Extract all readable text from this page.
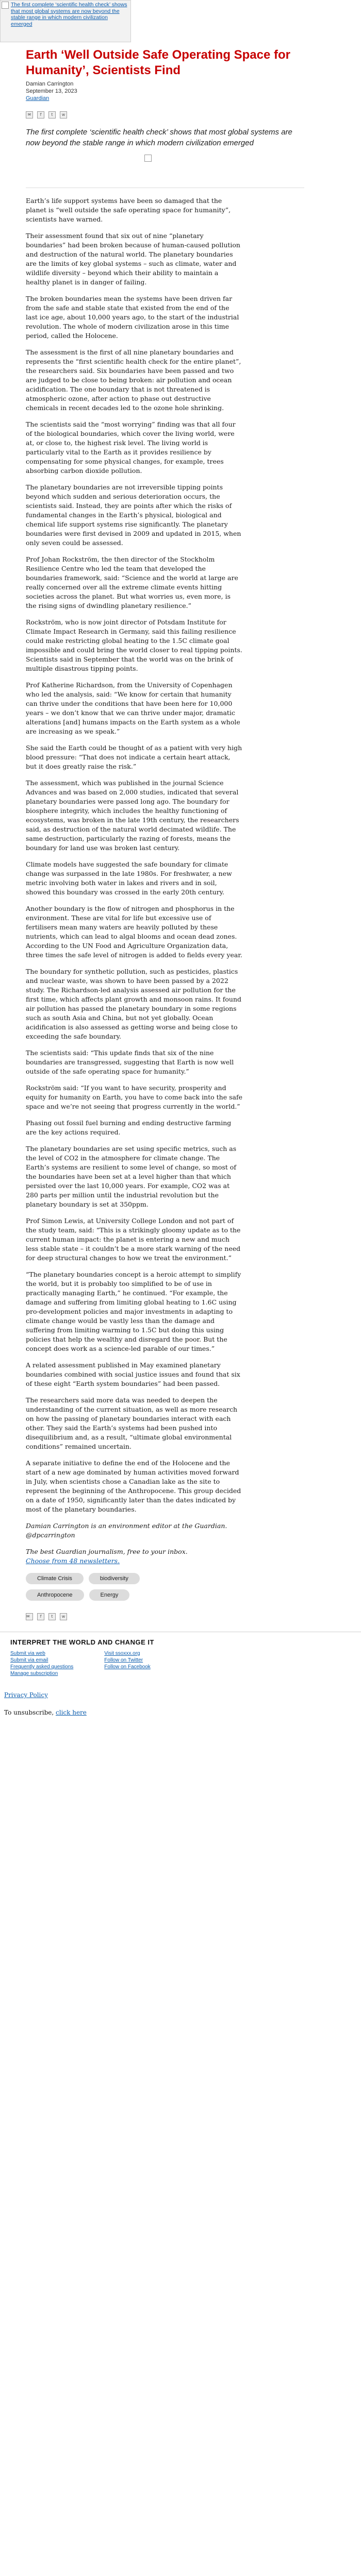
The first complete ‘scientific health check’ shows that most global systems are now beyond the stable range in which modern civilization emerged
Earth ‘Well Outside Safe Operating Space for Humanity’, Scientists Find
Damian Carrington
September 13, 2023
Guardian
✉	f	t	w

The first complete ‘scientific health check’ shows that most global systems are now beyond the stable range in which modern civilization emerged

Earth’s life support systems have been so damaged that the planet is “well outside the safe operating space for humanity”, scientists have warned.

Their assessment found that six out of nine “planetary boundaries” had been broken because of human-caused pollution and destruction of the natural world. The planetary boundaries are the limits of key global systems – such as climate, water and wildlife diversity – beyond which their ability to maintain a healthy planet is in danger of failing.

The broken boundaries mean the systems have been driven far from the safe and stable state that existed from the end of the last ice age, about 10,000 years ago, to the start of the industrial revolution. The whole of modern civilization arose in this time period, called the Holocene.

The assessment is the first of all nine planetary boundaries and represents the “first scientific health check for the entire planet”, the researchers said. Six boundaries have been passed and two are judged to be close to being broken: air pollution and ocean acidification. The one boundary that is not threatened is atmospheric ozone, after action to phase out destructive chemicals in recent decades led to the ozone hole shrinking.

The scientists said the “most worrying” finding was that all four of the biological boundaries, which cover the living world, were at, or close to, the highest risk level. The living world is particularly vital to the Earth as it provides resilience by compensating for some physical changes, for example, trees absorbing carbon dioxide pollution.

The planetary boundaries are not irreversible tipping points beyond which sudden and serious deterioration occurs, the scientists said. Instead, they are points after which the risks of fundamental changes in the Earth’s physical, biological and chemical life support systems rise significantly. The planetary boundaries were first devised in 2009 and updated in 2015, when only seven could be assessed.

Prof Johan Rockström, the then director of the Stockholm Resilience Centre who led the team that developed the boundaries framework, said: “Science and the world at large are really concerned over all the extreme climate events hitting societies across the planet. But what worries us, even more, is the rising signs of dwindling planetary resilience.”

Rockström, who is now joint director of Potsdam Institute for Climate Impact Research in Germany, said this failing resilience could make restricting global heating to the 1.5C climate goal impossible and could bring the world closer to real tipping points. Scientists said in September that the world was on the brink of multiple disastrous tipping points.

Prof Katherine Richardson, from the University of Copenhagen who led the analysis, said: “We know for certain that humanity can thrive under the conditions that have been here for 10,000 years – we don’t know that we can thrive under major, dramatic alterations [and] humans impacts on the Earth system as a whole are increasing as we speak.”

She said the Earth could be thought of as a patient with very high blood pressure: “That does not indicate a certain heart attack, but it does greatly raise the risk.”

The assessment, which was published in the journal Science Advances and was based on 2,000 studies, indicated that several planetary boundaries were passed long ago. The boundary for biosphere integrity, which includes the healthy functioning of ecosystems, was broken in the late 19th century, the researchers said, as destruction of the natural world decimated wildlife. The same destruction, particularly the razing of forests, means the boundary for land use was broken last century.

Climate models have suggested the safe boundary for climate change was surpassed in the late 1980s. For freshwater, a new metric involving both water in lakes and rivers and in soil, showed this boundary was crossed in the early 20th century.

Another boundary is the flow of nitrogen and phosphorus in the environment. These are vital for life but excessive use of fertilisers mean many waters are heavily polluted by these nutrients, which can lead to algal blooms and ocean dead zones. According to the UN Food and Agriculture Organization data, three times the safe level of nitrogen is added to fields every year.

The boundary for synthetic pollution, such as pesticides, plastics and nuclear waste, was shown to have been passed by a 2022 study. The Richardson-led analysis assessed air pollution for the first time, which affects plant growth and monsoon rains. It found air pollution has passed the planetary boundary in some regions such as south Asia and China, but not yet globally. Ocean acidification is also assessed as getting worse and being close to exceeding the safe boundary.

The scientists said: “This update finds that six of the nine boundaries are transgressed, suggesting that Earth is now well outside of the safe operating space for humanity.”

Rockström said: “If you want to have security, prosperity and equity for humanity on Earth, you have to come back into the safe space and we’re not seeing that progress currently in the world.”

Phasing out fossil fuel burning and ending destructive farming are the key actions required.

The planetary boundaries are set using specific metrics, such as the level of CO2 in the atmosphere for climate change. The Earth’s systems are resilient to some level of change, so most of the boundaries have been set at a level higher than that which persisted over the last 10,000 years. For example, CO2 was at 280 parts per million until the industrial revolution but the planetary boundary is set at 350ppm.

Prof Simon Lewis, at University College London and not part of the study team, said: “This is a strikingly gloomy update as to the current human impact: the planet is entering a new and much less stable state – it couldn’t be a more stark warning of the need for deep structural changes to how we treat the environment.”

“The planetary boundaries concept is a heroic attempt to simplify the world, but it is probably too simplified to be of use in practically managing Earth,” he continued. “For example, the damage and suffering from limiting global heating to 1.6C using pro-development policies and major investments in adapting to climate change would be vastly less than the damage and suffering from limiting warming to 1.5C but doing this using policies that help the wealthy and disregard the poor. But the concept does work as a science-led parable of our times.”

A related assessment published in May examined planetary boundaries combined with social justice issues and found that six of these eight “Earth system boundaries” had been passed.

The researchers said more data was needed to deepen the understanding of the current situation, as well as more research on how the passing of planetary boundaries interact with each other. They said the Earth’s systems had been pushed into disequilibrium and, as a result, “ultimate global environmental conditions” remained uncertain.

A separate initiative to define the end of the Holocene and the start of a new age dominated by human activities moved forward in July, when scientists chose a Canadian lake as the site to represent the beginning of the Anthropocene. This group decided on a date of 1950, significantly later than the dates indicated by most of the planetary boundaries.

Damian Carrington is an environment editor at the Guardian. @dpcarrington

The best Guardian journalism, free to your inbox.
Choose from 48 newsletters.

Climate Crisis	biodiversity
Anthropocene	Energy
✉	f	t	w
INTERPRET THE WORLD AND CHANGE IT
Submit via web
Submit via email
Frequently asked questions
Manage subscription
Visit ssoxxx.org
Follow on Twitter
Follow on Facebook
Privacy Policy
To unsubscribe, click here
